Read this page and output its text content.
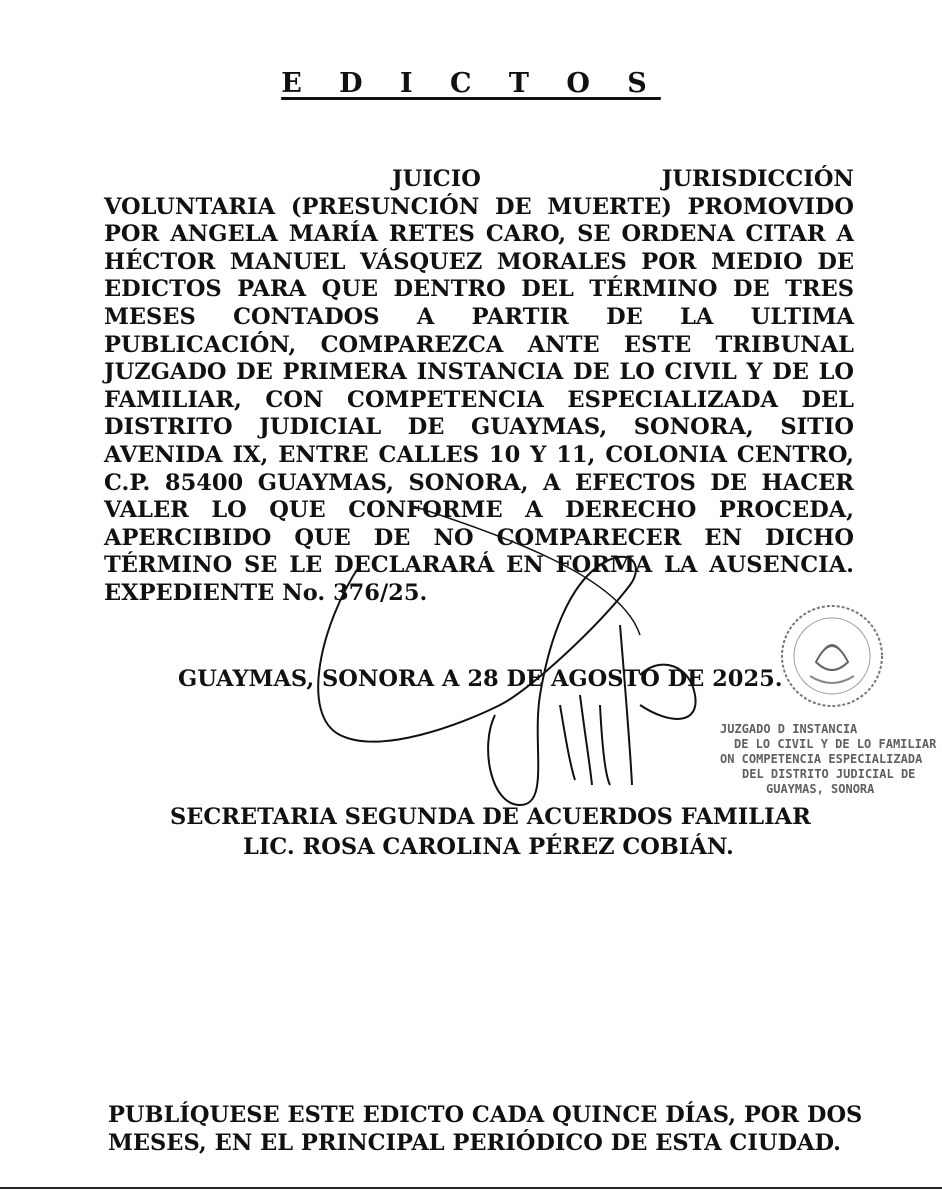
E D I C T O S
JUICIO JURISDICCIÓN VOLUNTARIA (PRESUNCIÓN DE MUERTE) PROMOVIDO POR ANGELA MARÍA RETES CARO, SE ORDENA CITAR A HÉCTOR MANUEL VÁSQUEZ MORALES POR MEDIO DE EDICTOS PARA QUE DENTRO DEL TÉRMINO DE TRES MESES CONTADOS A PARTIR DE LA ULTIMA PUBLICACIÓN, COMPAREZCA ANTE ESTE TRIBUNAL JUZGADO DE PRIMERA INSTANCIA DE LO CIVIL Y DE LO FAMILIAR, CON COMPETENCIA ESPECIALIZADA DEL DISTRITO JUDICIAL DE GUAYMAS, SONORA, SITIO AVENIDA IX, ENTRE CALLES 10 Y 11, COLONIA CENTRO, C.P. 85400 GUAYMAS, SONORA, A EFECTOS DE HACER VALER LO QUE CONFORME A DERECHO PROCEDA, APERCIBIDO QUE DE NO COMPARECER EN DICHO TÉRMINO SE LE DECLARARÁ EN FORMA LA AUSENCIA. EXPEDIENTE No. 376/25.
JUZGADO D INSTANCIA
DE LO CIVIL Y DE LO FAMILIAR
ON COMPETENCIA ESPECIALIZADA
DEL DISTRITO JUDICIAL DE
GUAYMAS, SONORA
GUAYMAS, SONORA A 28 DE AGOSTO DE 2025.
SECRETARIA SEGUNDA DE ACUERDOS FAMILIAR
LIC. ROSA CAROLINA PÉREZ COBIÁN.
PUBLÍQUESE ESTE EDICTO CADA QUINCE DÍAS, POR DOS MESES, EN EL PRINCIPAL PERIÓDICO DE ESTA CIUDAD.
